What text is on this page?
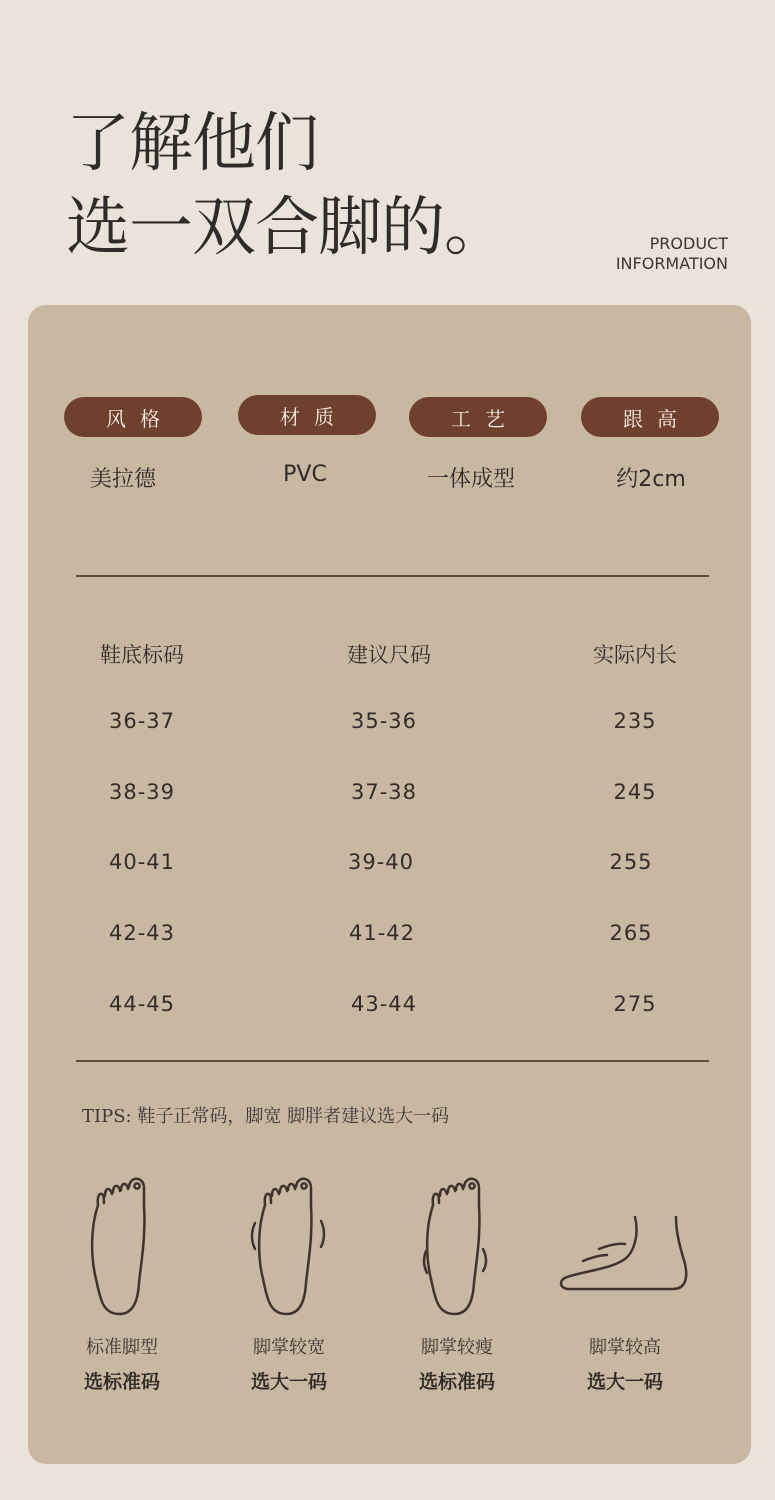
了解他们
选一双合脚的。	PRODUCT
INFORMATION
风格	材质	工艺	跟高
美拉德	PVC	一体成型	约2cm
鞋底标码	建议尺码	实际内长
36-37	35-36	235
38-39	37-38	245
40-41	39-40	255
42-43	41-42	265
44-45	43-44	275
TIPS: 鞋子正常码，脚宽 脚胖者建议选大一码
标准脚型
选标准码
脚掌较宽
选大一码
脚掌较瘦
选标准码
脚掌较高
选大一码
